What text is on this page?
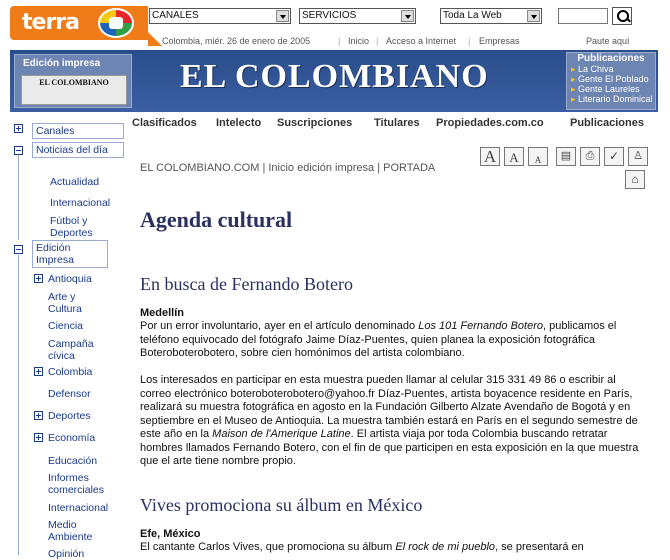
terra	CANALES	SERVICIOS	Toda La Web
Colombia, miér. 26 de enero de 2005	| Inicio | Acceso a Internet | Empresas	Paute aquí
Edición impresa
EL COLOMBIANO	EL COLOMBIANO	Publicaciones
▸ La Chiva
▸ Gente El Poblado
▸ Gente Laureles
▸ Literario Dominical
Clasificados Intelecto Suscripciones Titulares Propiedades.com.co Publicaciones
Canales
Noticias del día
Actualidad
Internacional
Fútbol y Deportes
Edición Impresa
Antioquia
Arte y Cultura
Ciencia
Campaña cívica
Colombia
Defensor
Deportes
Economía
Educación
Informes comerciales
Internacional
Medio Ambiente
Opinión
A	A	A	▤	⎙	✓	♙
⌂
EL COLOMBIANO.COM | Inicio edición impresa | PORTADA
Agenda cultural
En busca de Fernando Botero
Medellín
Por un error involuntario, ayer en el artículo denominado Los 101 Fernando Botero, publicamos el teléfono equivocado del fotógrafo Jaime Díaz-Puentes, quien planea la exposición fotográfica Boteroboterobotero, sobre cien homónimos del artista colombiano.
Los interesados en participar en esta muestra pueden llamar al celular 315 331 49 86 o escribir al correo electrónico boteroboterobotero@yahoo.fr Díaz-Puentes, artista boyacence residente en París, realizará su muestra fotográfica en agosto en la Fundación Gilberto Alzate Avendaño de Bogotá y en septiembre en el Museo de Antioquia. La muestra también estará en París en el segundo semestre de este año en la Maison de l'Amerique Latine. El artista viaja por toda Colombia buscando retratar hombres llamados Fernando Botero, con el fin de que participen en esta exposición en la que muestra que el arte tiene nombre propio.
Vives promociona su álbum en México
Efe, México
El cantante Carlos Vives, que promociona su álbum El rock de mi pueblo, se presentará en
